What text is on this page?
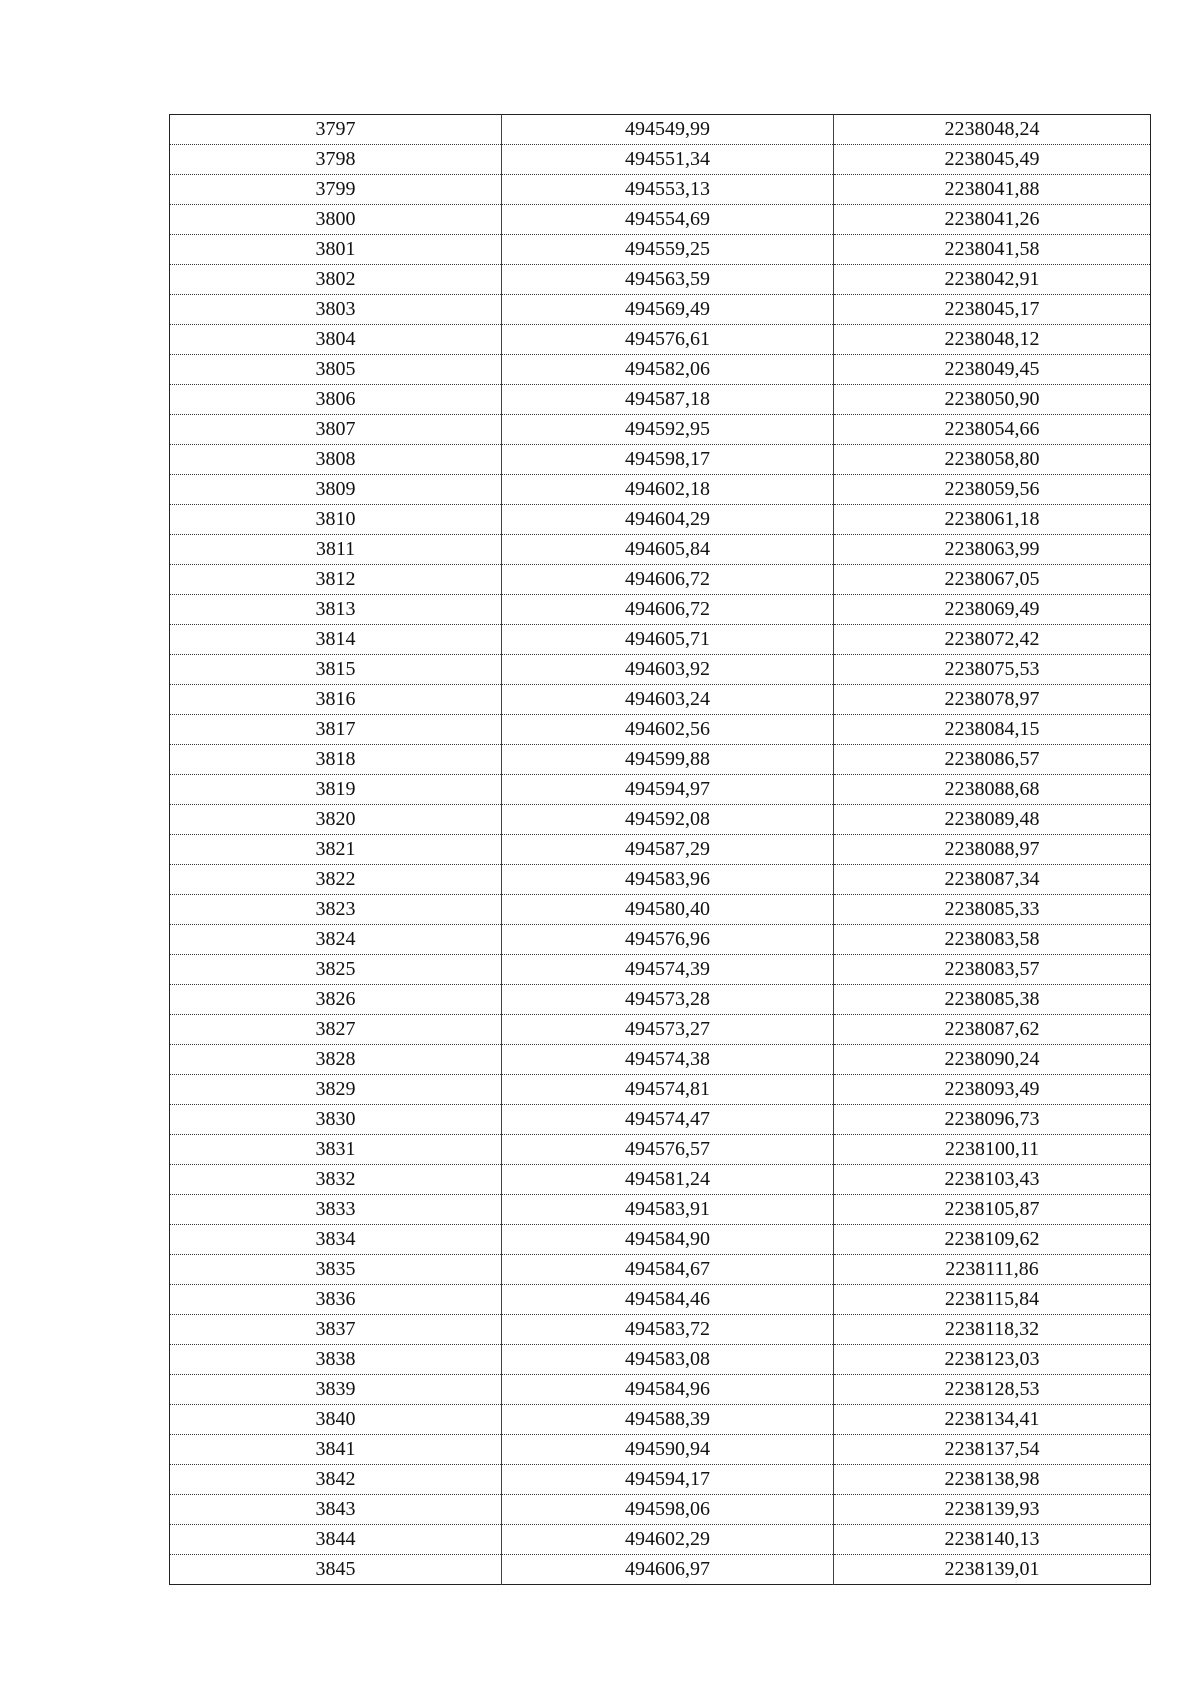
3797	494549,99	2238048,24
3798	494551,34	2238045,49
3799	494553,13	2238041,88
3800	494554,69	2238041,26
3801	494559,25	2238041,58
3802	494563,59	2238042,91
3803	494569,49	2238045,17
3804	494576,61	2238048,12
3805	494582,06	2238049,45
3806	494587,18	2238050,90
3807	494592,95	2238054,66
3808	494598,17	2238058,80
3809	494602,18	2238059,56
3810	494604,29	2238061,18
3811	494605,84	2238063,99
3812	494606,72	2238067,05
3813	494606,72	2238069,49
3814	494605,71	2238072,42
3815	494603,92	2238075,53
3816	494603,24	2238078,97
3817	494602,56	2238084,15
3818	494599,88	2238086,57
3819	494594,97	2238088,68
3820	494592,08	2238089,48
3821	494587,29	2238088,97
3822	494583,96	2238087,34
3823	494580,40	2238085,33
3824	494576,96	2238083,58
3825	494574,39	2238083,57
3826	494573,28	2238085,38
3827	494573,27	2238087,62
3828	494574,38	2238090,24
3829	494574,81	2238093,49
3830	494574,47	2238096,73
3831	494576,57	2238100,11
3832	494581,24	2238103,43
3833	494583,91	2238105,87
3834	494584,90	2238109,62
3835	494584,67	2238111,86
3836	494584,46	2238115,84
3837	494583,72	2238118,32
3838	494583,08	2238123,03
3839	494584,96	2238128,53
3840	494588,39	2238134,41
3841	494590,94	2238137,54
3842	494594,17	2238138,98
3843	494598,06	2238139,93
3844	494602,29	2238140,13
3845	494606,97	2238139,01
